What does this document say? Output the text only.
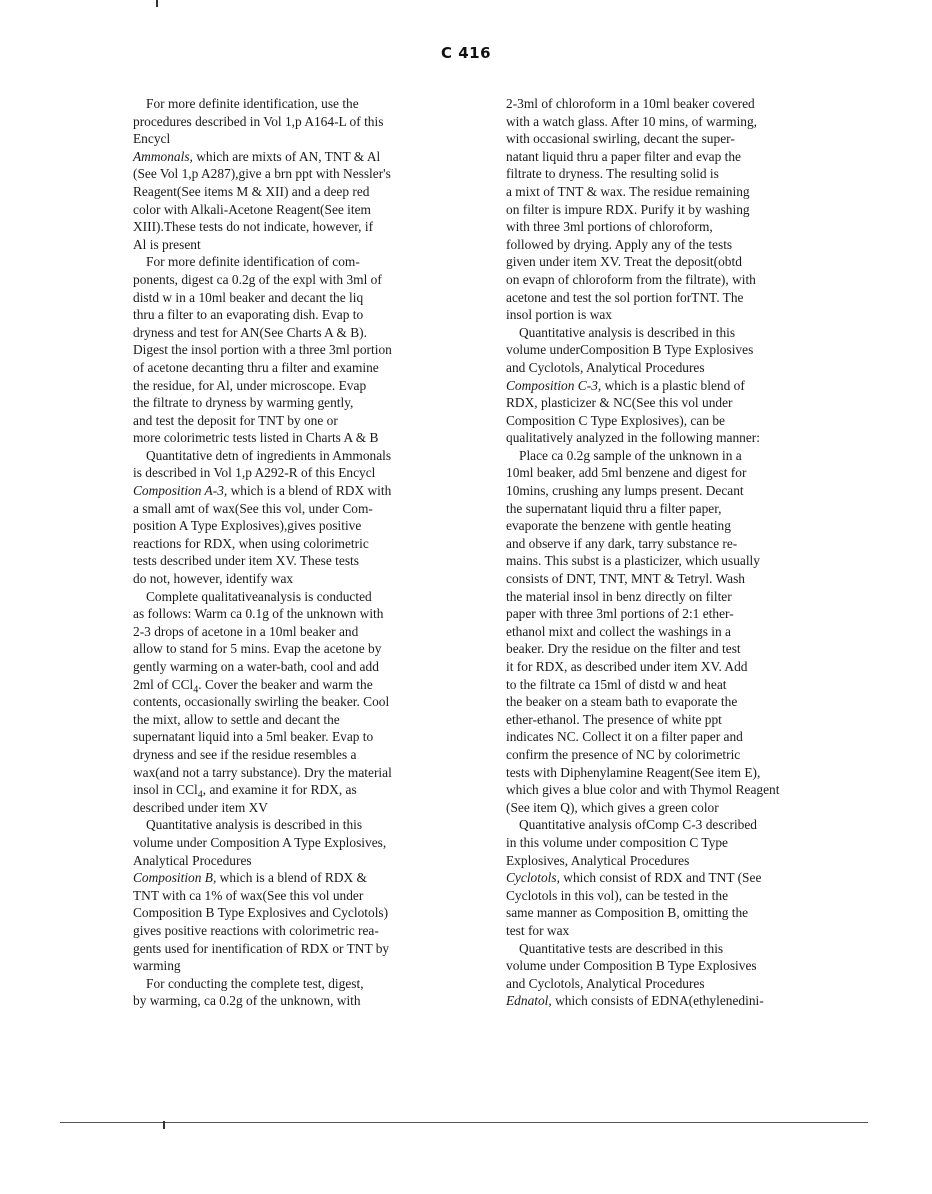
C 416
For more definite identification, use the
procedures described in Vol 1,p A164-L of this
Encycl
Ammonals, which are mixts of AN, TNT & Al
(See Vol 1,p A287),give a brn ppt with Nessler's
Reagent(See items M & XII) and a deep red
color with Alkali-Acetone Reagent(See item
XIII).These tests do not indicate, however, if
Al is present
For more definite identification of com-
ponents, digest ca 0.2g of the expl with 3ml of
distd w in a 10ml beaker and decant the liq
thru a filter to an evaporating dish. Evap to
dryness and test for AN(See Charts A & B).
Digest the insol portion with a three 3ml portion
of acetone decanting thru a filter and examine
the residue, for Al, under microscope. Evap
the filtrate to dryness by warming gently,
and test the deposit for TNT by one or
more colorimetric tests listed in Charts A & B
Quantitative detn of ingredients in Ammonals
is described in Vol 1,p A292-R of this Encycl
Composition A-3, which is a blend of RDX with
a small amt of wax(See this vol, under Com-
position A Type Explosives),gives positive
reactions for RDX, when using colorimetric
tests described under item XV. These tests
do not, however, identify wax
Complete qualitativeanalysis is conducted
as follows: Warm ca 0.1g of the unknown with
2-3 drops of acetone in a 10ml beaker and
allow to stand for 5 mins. Evap the acetone by
gently warming on a water-bath, cool and add
2ml of CCl$_4$. Cover the beaker and warm the
contents, occasionally swirling the beaker. Cool
the mixt, allow to settle and decant the
supernatant liquid into a 5ml beaker. Evap to
dryness and see if the residue resembles a
wax(and not a tarry substance). Dry the material
insol in CCl$_4$, and examine it for RDX, as
described under item XV
Quantitative analysis is described in this
volume under Composition A Type Explosives,
Analytical Procedures
Composition B, which is a blend of RDX &
TNT with ca 1% of wax(See this vol under
Composition B Type Explosives and Cyclotols)
gives positive reactions with colorimetric rea-
gents used for inentification of RDX or TNT by
warming
For conducting the complete test, digest,
by warming, ca 0.2g of the unknown, with
2-3ml of chloroform in a 10ml beaker covered
with a watch glass. After 10 mins, of warming,
with occasional swirling, decant the super-
natant liquid thru a paper filter and evap the
filtrate to dryness. The resulting solid is
a mixt of TNT & wax. The residue remaining
on filter is impure RDX. Purify it by washing
with three 3ml portions of chloroform,
followed by drying. Apply any of the tests
given under item XV. Treat the deposit(obtd
on evapn of chloroform from the filtrate), with
acetone and test the sol portion forTNT. The
insol portion is wax
Quantitative analysis is described in this
volume underComposition B Type Explosives
and Cyclotols, Analytical Procedures
Composition C-3, which is a plastic blend of
RDX, plasticizer & NC(See this vol under
Composition C Type Explosives), can be
qualitatively analyzed in the following manner:
Place ca 0.2g sample of the unknown in a
10ml beaker, add 5ml benzene and digest for
10mins, crushing any lumps present. Decant
the supernatant liquid thru a filter paper,
evaporate the benzene with gentle heating
and observe if any dark, tarry substance re-
mains. This subst is a plasticizer, which usually
consists of DNT, TNT, MNT & Tetryl. Wash
the material insol in benz directly on filter
paper with three 3ml portions of 2:1 ether-
ethanol mixt and collect the washings in a
beaker. Dry the residue on the filter and test
it for RDX, as described under item XV. Add
to the filtrate ca 15ml of distd w and heat
the beaker on a steam bath to evaporate the
ether-ethanol. The presence of white ppt
indicates NC. Collect it on a filter paper and
confirm the presence of NC by colorimetric
tests with Diphenylamine Reagent(See item E),
which gives a blue color and with Thymol Reagent
(See item Q), which gives a green color
Quantitative analysis ofComp C-3 described
in this volume under composition C Type
Explosives, Analytical Procedures
Cyclotols, which consist of RDX and TNT (See
Cyclotols in this vol), can be tested in the
same manner as Composition B, omitting the
test for wax
Quantitative tests are described in this
volume under Composition B Type Explosives
and Cyclotols, Analytical Procedures
Ednatol, which consists of EDNA(ethylenedini-
